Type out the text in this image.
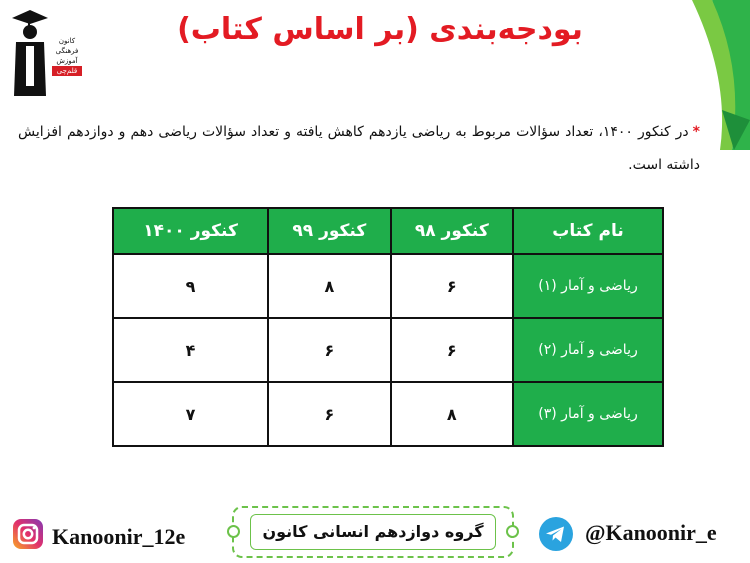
کانون
فرهنگی
آموزش
قلم‌چی
بودجه‌بندی (بر اساس کتاب)
*در کنکور ۱۴۰۰، تعداد سؤالات مربوط به ریاضی یازدهم کاهش یافته و تعداد سؤالات ریاضی دهم و دوازدهم افزایش داشته است.
نام کتاب	کنکور ۹۸	کنکور ۹۹	کنکور ۱۴۰۰
ریاضی و آمار (۱)	۶	۸	۹
ریاضی و آمار (۲)	۶	۶	۴
ریاضی و آمار (۳)	۸	۶	۷
Kanoonir_12e	گروه دوازدهم انسانی کانون	@Kanoonir_e
